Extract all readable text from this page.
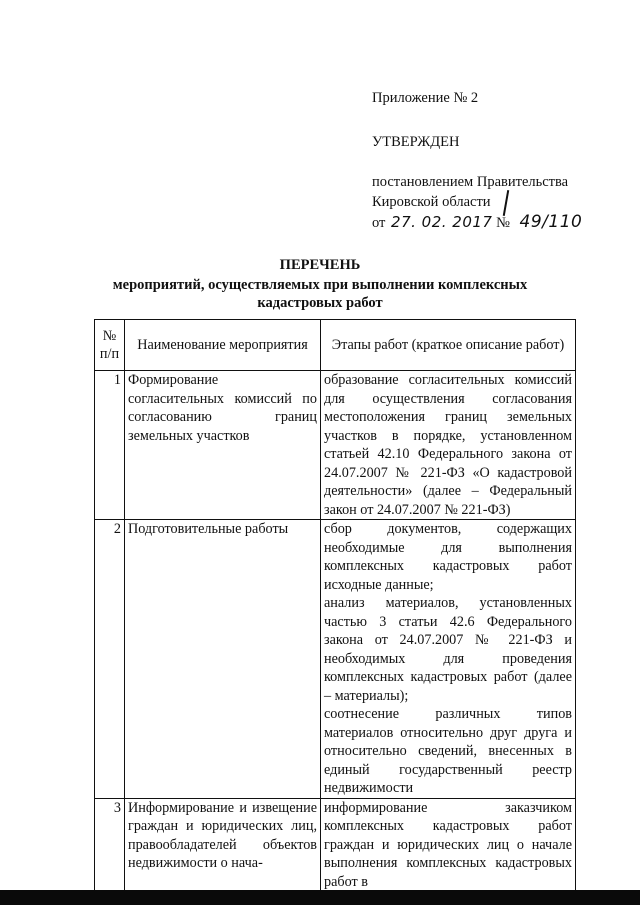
Приложение № 2

УТВЕРЖДЕН

постановлением Правительства

Кировской области

от 27. 02. 2017 № 49/110

ПЕРЕЧЕНЬ
мероприятий, осуществляемых при выполнении комплексных
кадастровых работ
№ п/п	Наименование мероприятия	Этапы работ (краткое описание работ)
1	Формирование согласительных комиссий по согласованию границ земельных участков	образование согласительных комиссий для осуществления согласования местоположения границ земельных участков в порядке, установленном статьей 42.10 Федерального закона от 24.07.2007 № 221-ФЗ «О кадастровой деятельности» (далее – Федеральный закон от 24.07.2007 № 221-ФЗ)
2	Подготовительные работы	сбор документов, содержащих необходимые для выполнения комплексных кадастровых работ исходные данные;
анализ материалов, установленных частью 3 статьи 42.6 Федерального закона от 24.07.2007 № 221-ФЗ и необходимых для проведения комплексных кадастровых работ (далее – материалы);
соотнесение различных типов материалов относительно друг друга и относительно сведений, внесенных в единый государственный реестр недвижимости

3	Информирование и извещение граждан и юридических лиц, правообладателей объектов недвижимости о нача-	информирование заказчиком комплексных кадастровых работ граждан и юридических лиц о начале выполнения комплексных кадастровых работ в
